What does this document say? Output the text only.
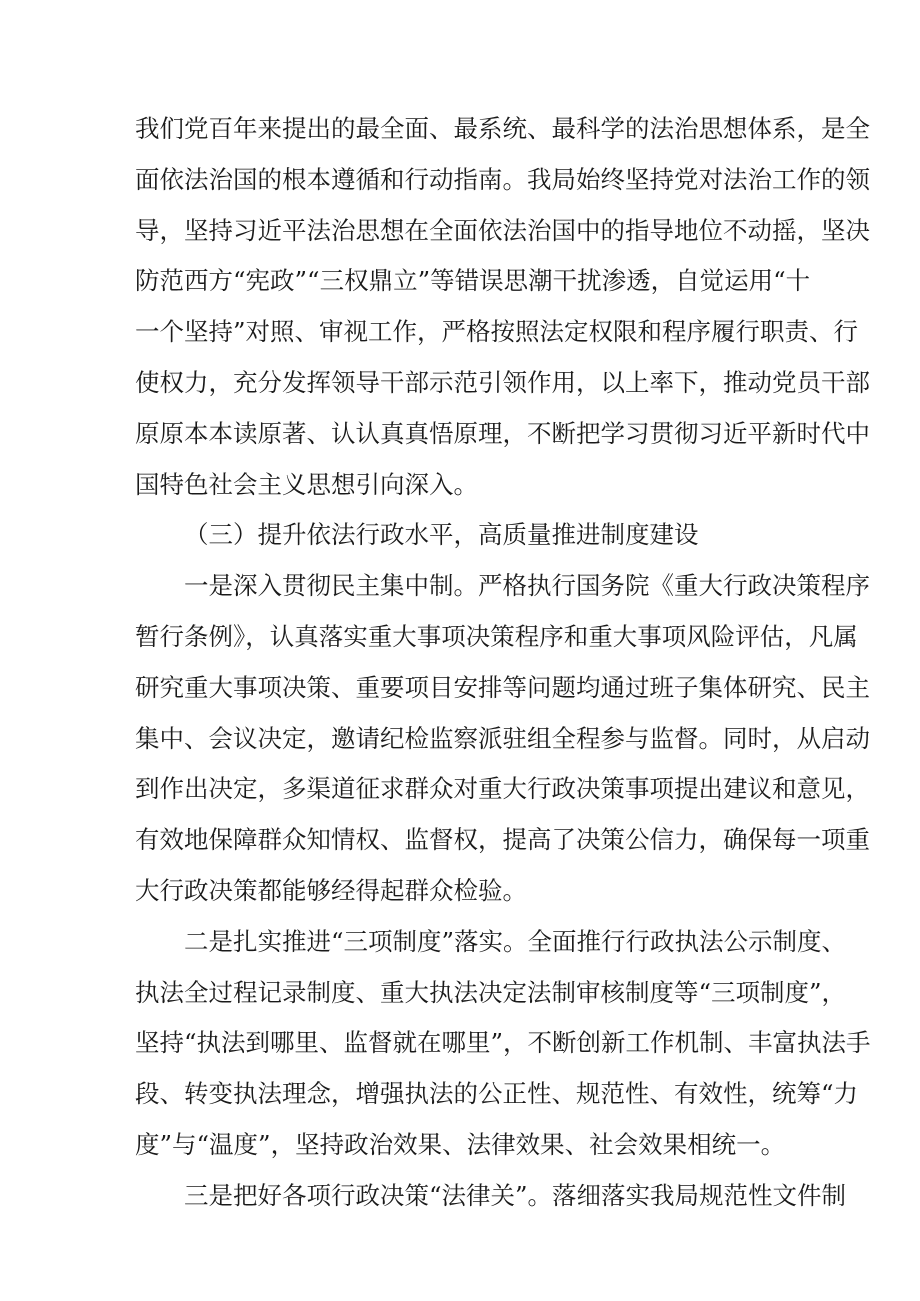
我们党百年来提出的最全面、最系统、最科学的法治思想体系，是全
面依法治国的根本遵循和行动指南。我局始终坚持党对法治工作的领
导，坚持习近平法治思想在全面依法治国中的指导地位不动摇，坚决
防范西方“宪政”“三权鼎立”等错误思潮干扰渗透，自觉运用“十
一个坚持”对照、审视工作，严格按照法定权限和程序履行职责、行
使权力，充分发挥领导干部示范引领作用，以上率下，推动党员干部
原原本本读原著、认认真真悟原理，不断把学习贯彻习近平新时代中
国特色社会主义思想引向深入。
（三）提升依法行政水平，高质量推进制度建设
一是深入贯彻民主集中制。严格执行国务院《重大行政决策程序
暂行条例》，认真落实重大事项决策程序和重大事项风险评估，凡属
研究重大事项决策、重要项目安排等问题均通过班子集体研究、民主
集中、会议决定，邀请纪检监察派驻组全程参与监督。同时，从启动
到作出决定，多渠道征求群众对重大行政决策事项提出建议和意见，
有效地保障群众知情权、监督权，提高了决策公信力，确保每一项重
大行政决策都能够经得起群众检验。
二是扎实推进“三项制度”落实。全面推行行政执法公示制度、
执法全过程记录制度、重大执法决定法制审核制度等“三项制度”，
坚持“执法到哪里、监督就在哪里”，不断创新工作机制、丰富执法手
段、转变执法理念，增强执法的公正性、规范性、有效性，统筹“力
度”与“温度”，坚持政治效果、法律效果、社会效果相统一。
三是把好各项行政决策“法律关”。落细落实我局规范性文件制
